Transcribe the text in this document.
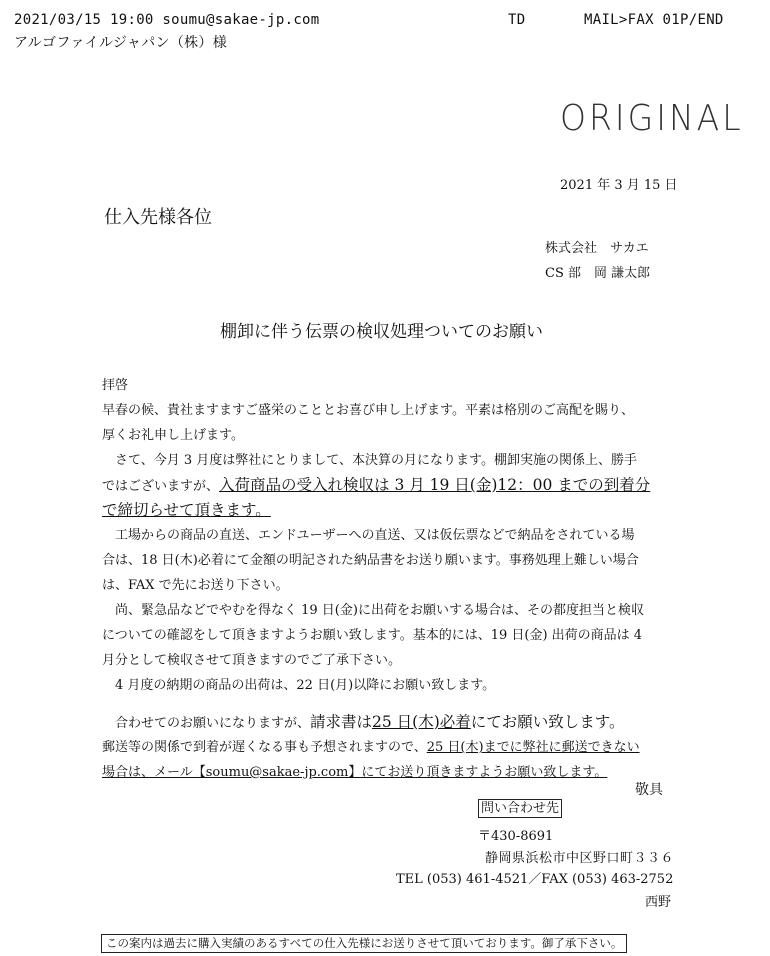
2021/03/15 19:00 soumu@sakae-jp.com	TD	MAIL>FAX 01P/END
アルゴファイルジャパン（株）様
ORIGINAL
2021 年 3 月 15 日
仕入先様各位
株式会社　サカエ
CS 部　岡 謙太郎
棚卸に伴う伝票の検収処理ついてのお願い
拝啓
早春の候、貴社ますますご盛栄のこととお喜び申し上げます。平素は格別のご高配を賜り、
厚くお礼申し上げます。
さて、今月 3 月度は弊社にとりまして、本決算の月になります。棚卸実施の関係上、勝手
ではございますが、入荷商品の受入れ検収は 3 月 19 日(金)12：00 までの到着分
で締切らせて頂きます。
工場からの商品の直送、エンドユーザーへの直送、又は仮伝票などで納品をされている場
合は、18 日(木)必着にて金額の明記された納品書をお送り願います。事務処理上難しい場合
は、FAX で先にお送り下さい。
尚、緊急品などでやむを得なく 19 日(金)に出荷をお願いする場合は、その都度担当と検収
についての確認をして頂きますようお願い致します。基本的には、19 日(金) 出荷の商品は 4
月分として検収させて頂きますのでご了承下さい。
4 月度の納期の商品の出荷は、22 日(月)以降にお願い致します。
合わせてのお願いになりますが、請求書は25 日(木)必着にてお願い致します。
郵送等の関係で到着が遅くなる事も予想されますので、25 日(木)までに弊社に郵送できない
場合は、メール【soumu@sakae-jp.com】にてお送り頂きますようお願い致します。
敬具
問い合わせ先
〒430-8691
静岡県浜松市中区野口町３３６
TEL (053) 461-4521／FAX (053) 463-2752
西野
この案内は過去に購入実績のあるすべての仕入先様にお送りさせて頂いております。御了承下さい。
